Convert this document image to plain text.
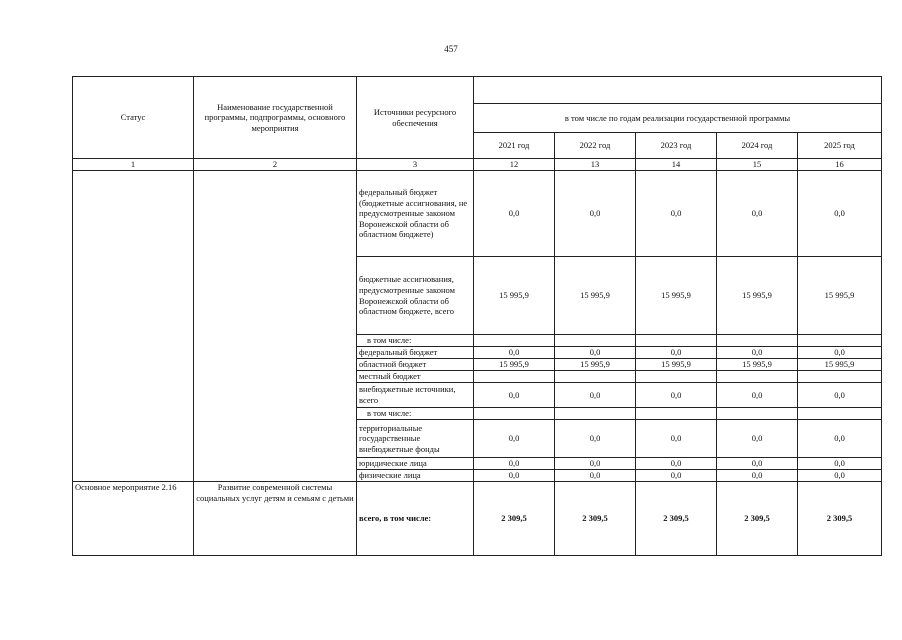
457
Статус	Наименование государственной программы, подпрограммы, основного мероприятия	Источники ресурсного обеспечения					
			в том числе по годам реализации государственной программы				
			2021 год	2022 год	2023 год	2024 год	2025 год
1	2	3	12	13	14	15	16
		федеральный бюджет (бюджетные ассигнования, не предусмотренные законом Воронежской области об областном бюджете)	0,0	0,0	0,0	0,0	0,0
		бюджетные ассигнования, предусмотренные законом Воронежской области об областном бюджете, всего	15 995,9	15 995,9	15 995,9	15 995,9	15 995,9
		в том числе:					
		федеральный бюджет	0,0	0,0	0,0	0,0	0,0
		областной бюджет	15 995,9	15 995,9	15 995,9	15 995,9	15 995,9
		местный бюджет					
		внебюджетные источники, всего	0,0	0,0	0,0	0,0	0,0
		в том числе:					
		территориальные государственные внебюджетные фонды	0,0	0,0	0,0	0,0	0,0
		юридические лица	0,0	0,0	0,0	0,0	0,0
		физические лица	0,0	0,0	0,0	0,0	0,0
Основное мероприятие 2.16	Развитие современной системы социальных услуг детям и семьям с детьми	всего, в том числе:	2 309,5	2 309,5	2 309,5	2 309,5	2 309,5
